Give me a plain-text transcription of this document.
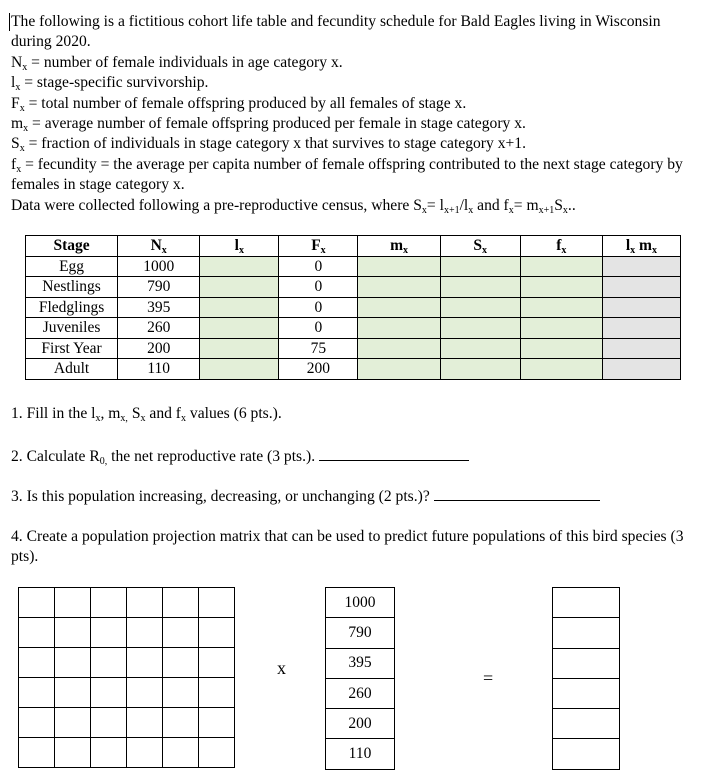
The following is a fictitious cohort life table and fecundity schedule for Bald Eagles living in Wisconsin during 2020.

$N_x$ = number of female individuals in age category x.

$l_x$ = stage-specific survivorship.

$F_x$ = total number of female offspring produced by all females of stage x.

$m_x$ = average number of female offspring produced per female in stage category x.

$S_x$ = fraction of individuals in stage category x that survives to stage category x+1.

$f_x$ = fecundity = the average per capita number of female offspring contributed to the next stage category by females in stage category x.

Data were collected following a pre-reproductive census, where $S_x= l_{x+1}/l_x$ and $f_x= m_{x+1}S_x$..

Stage	$N_x$	$l_x$	$F_x$	$m_x$	$S_x$	$f_x$	$l_x$ $m_x$
Egg	1000		0				
Nestlings	790		0				
Fledglings	395		0				
Juveniles	260		0				
First Year	200		75				
Adult	110		200				
1. Fill in the $l_x$, $m_{x,}$ $S_x$ and $f_x$ values (6 pts.).
2. Calculate $R_{0,}$ the net reproductive rate (3 pts.).
3. Is this population increasing, decreasing, or unchanging (2 pts.)?
4. Create a population projection matrix that can be used to predict future populations of this bird species (3 pts).

x
1000
790
395
260
200
110
=
